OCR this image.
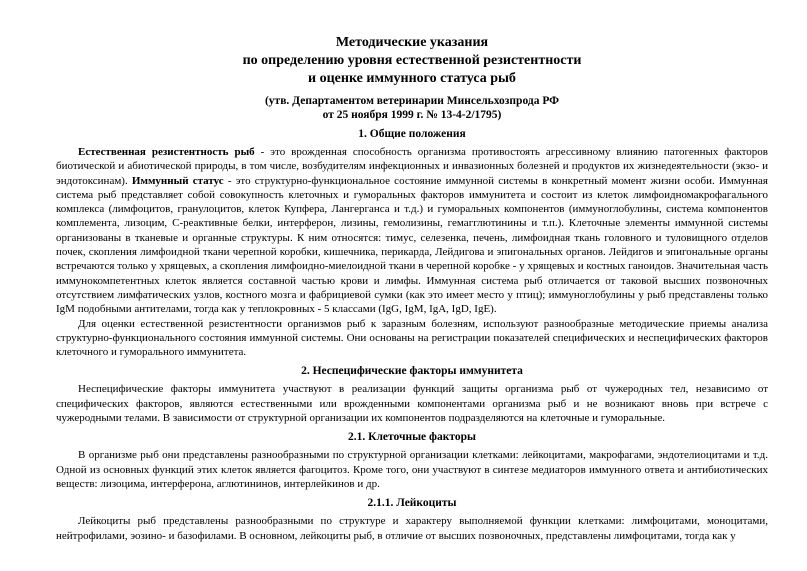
Методические указания
по определению уровня естественной резистентности
и оценке иммунного статуса рыб
(утв. Департаментом ветеринарии Минсельхозпрода РФ
от 25 ноября 1999 г. № 13-4-2/1795)
1. Общие положения

Естественная резистентность рыб - это врожденная способность организма противостоять агрессивному влиянию патогенных факторов биотической и абиотической природы, в том числе, возбудителям инфекционных и инвазионных болезней и продуктов их жизнедеятельности (экзо- и эндотоксинам). Иммунный статус - это структурно-функциональное состояние иммунной системы в конкретный момент жизни особи. Иммунная система рыб представляет собой совокупность клеточных и гуморальных факторов иммунитета и состоит из клеток лимфоидномакрофагального комплекса (лимфоцитов, гранулоцитов, клеток Купфера, Лангерганса и т.д.) и гуморальных компонентов (иммуноглобулины, система компонентов комплемента, лизоцим, С-реактивные белки, интерферон, лизины, гемолизины, гемагглютинины и т.п.). Клеточные элементы иммунной системы организованы в тканевые и органные структуры. К ним относятся: тимус, селезенка, печень, лимфоидная ткань головного и туловищного отделов почек, скопления лимфоидной ткани черепной коробки, кишечника, перикарда, Лейдигова и эпигональных органов. Лейдигов и эпигональные органы встречаются только у хрящевых, а скопления лимфоидно-миелоидной ткани в черепной коробке - у хрящевых и костных ганоидов. Значительная часть иммунокомпетентных клеток является составной частью крови и лимфы. Иммунная система рыб отличается от таковой высших позвоночных отсутствием лимфатических узлов, костного мозга и фабрициевой сумки (как это имеет место у птиц); иммуноглобулины у рыб представлены только IgM подобными антителами, тогда как у теплокровных - 5 классами (IgG, IgM, IgA, IgD, IgE).

Для оценки естественной резистентности организмов рыб к заразным болезням, используют разнообразные методические приемы анализа структурно-функционального состояния иммунной системы. Они основаны на регистрации показателей специфических и неспецифических факторов клеточного и гуморального иммунитета.

2. Неспецифические факторы иммунитета

Неспецифические факторы иммунитета участвуют в реализации функций защиты организма рыб от чужеродных тел, независимо от специфических факторов, являются естественными или врожденными компонентами организма рыб и не возникают вновь при встрече с чужеродными телами. В зависимости от структурной организации их компонентов подразделяются на клеточные и гуморальные.

2.1. Клеточные факторы

В организме рыб они представлены разнообразными по структурной организации клетками: лейкоцитами, макрофагами, эндотелиоцитами и т.д. Одной из основных функций этих клеток является фагоцитоз. Кроме того, они участвуют в синтезе медиаторов иммунного ответа и антибиотических веществ: лизоцима, интерферона, аглютининов, интерлейкинов и др.

2.1.1. Лейкоциты

Лейкоциты рыб представлены разнообразными по структуре и характеру выполняемой функции клетками: лимфоцитами, моноцитами, нейтрофилами, эозино- и базофилами. В основном, лейкоциты рыб, в отличие от высших позвоночных, представлены лимфоцитами, тогда как у
